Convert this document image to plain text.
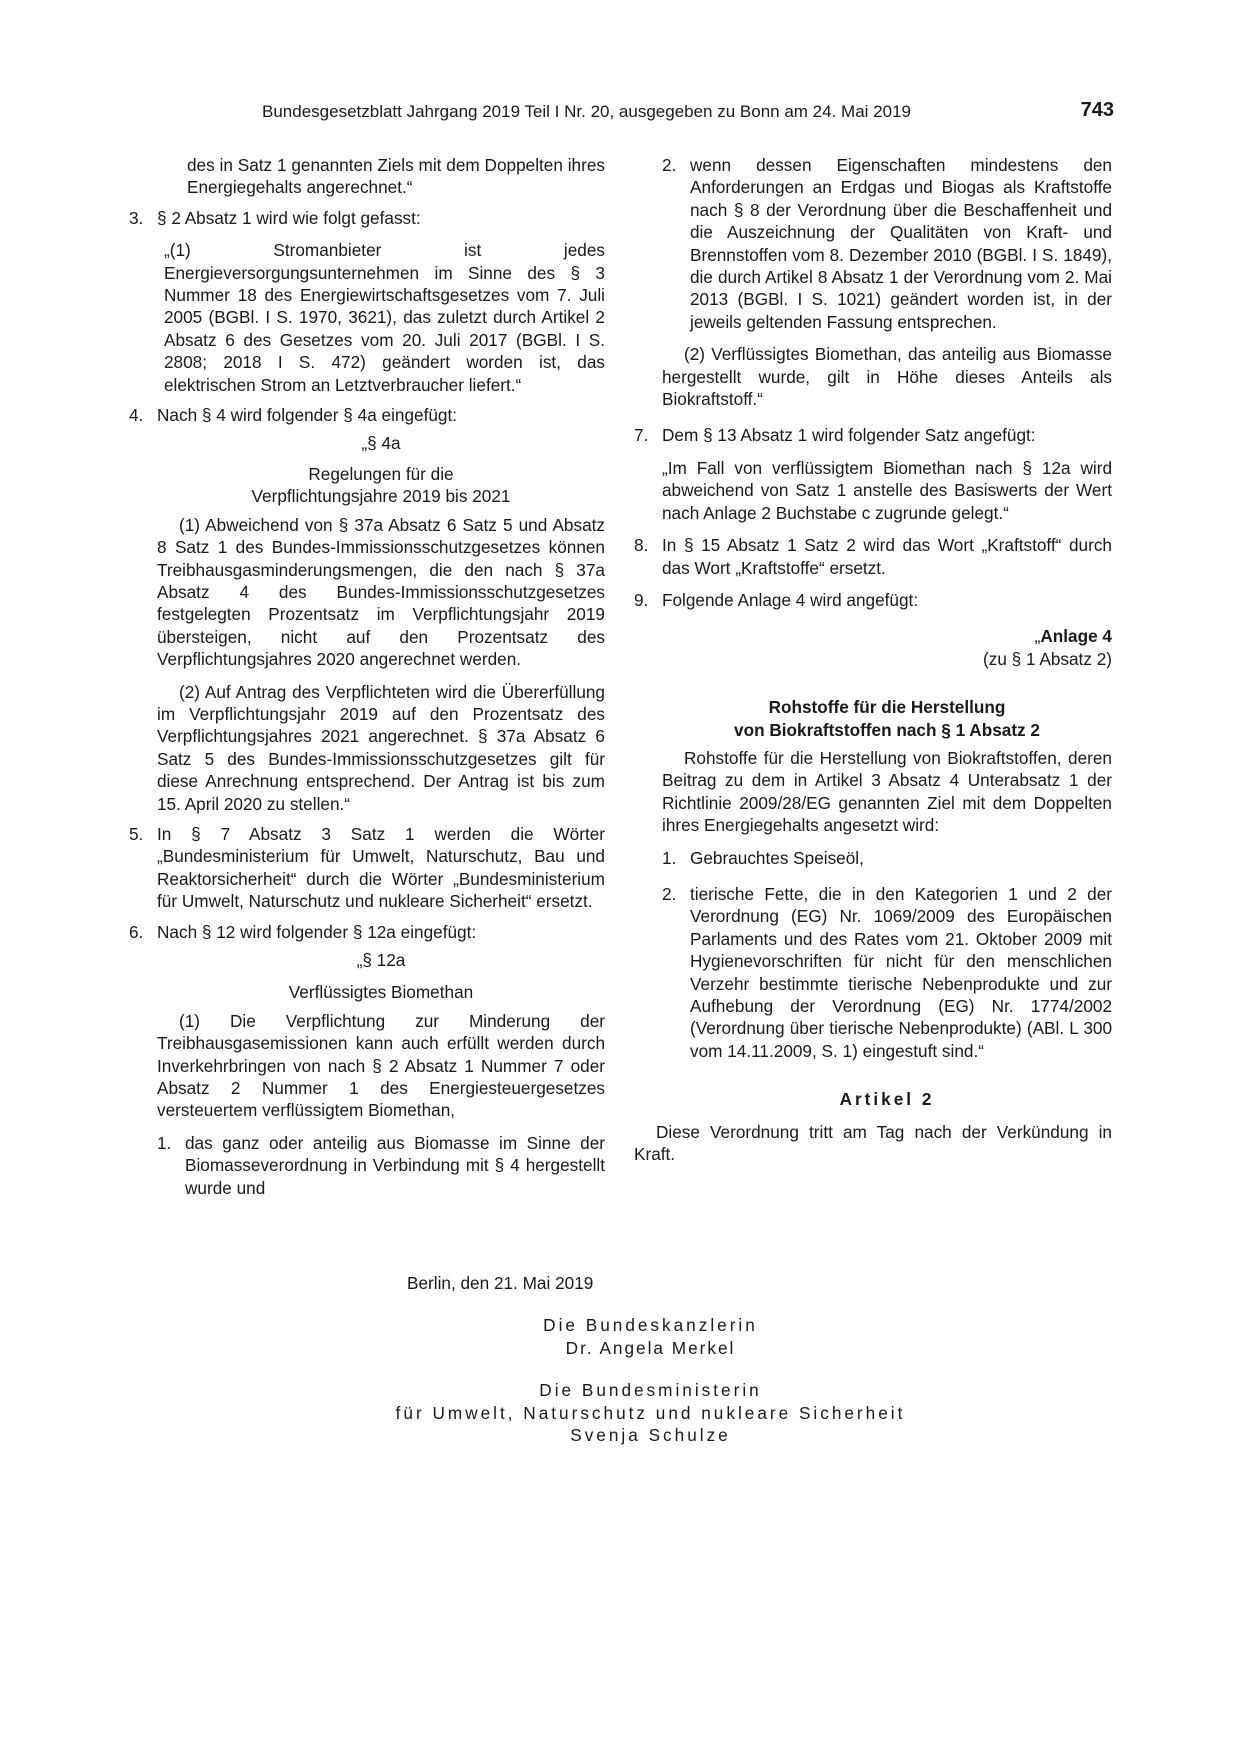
Bundesgesetzblatt Jahrgang 2019 Teil I Nr. 20, ausgegeben zu Bonn am 24. Mai 2019	743

des in Satz 1 genannten Ziels mit dem Doppelten ihres Energiegehalts angerechnet.“

3. § 2 Absatz 1 wird wie folgt gefasst:

„(1) Stromanbieter ist jedes Energieversorgungsunternehmen im Sinne des § 3 Nummer 18 des Energiewirtschaftsgesetzes vom 7. Juli 2005 (BGBl. I S. 1970, 3621), das zuletzt durch Artikel 2 Absatz 6 des Gesetzes vom 20. Juli 2017 (BGBl. I S. 2808; 2018 I S. 472) geändert worden ist, das elektrischen Strom an Letztverbraucher liefert.“

4. Nach § 4 wird folgender § 4a eingefügt:

„§ 4a

Regelungen für die

Verpflichtungsjahre 2019 bis 2021

(1) Abweichend von § 37a Absatz 6 Satz 5 und Absatz 8 Satz 1 des Bundes-Immissionsschutzgesetzes können Treibhausgasminderungsmengen, die den nach § 37a Absatz 4 des Bundes-Immissionsschutzgesetzes festgelegten Prozentsatz im Verpflichtungsjahr 2019 übersteigen, nicht auf den Prozentsatz des Verpflichtungsjahres 2020 angerechnet werden.

(2) Auf Antrag des Verpflichteten wird die Übererfüllung im Verpflichtungsjahr 2019 auf den Prozentsatz des Verpflichtungsjahres 2021 angerechnet. § 37a Absatz 6 Satz 5 des Bundes-Immissionsschutzgesetzes gilt für diese Anrechnung entsprechend. Der Antrag ist bis zum 15. April 2020 zu stellen.“

5. In § 7 Absatz 3 Satz 1 werden die Wörter „Bundesministerium für Umwelt, Naturschutz, Bau und Reaktorsicherheit“ durch die Wörter „Bundesministerium für Umwelt, Naturschutz und nukleare Sicherheit“ ersetzt.

6. Nach § 12 wird folgender § 12a eingefügt:

„§ 12a

Verflüssigtes Biomethan

(1) Die Verpflichtung zur Minderung der Treibhausgasemissionen kann auch erfüllt werden durch Inverkehrbringen von nach § 2 Absatz 1 Nummer 7 oder Absatz 2 Nummer 1 des Energiesteuergesetzes versteuertem verflüssigtem Biomethan,

1. das ganz oder anteilig aus Biomasse im Sinne der Biomasseverordnung in Verbindung mit § 4 hergestellt wurde und

2. wenn dessen Eigenschaften mindestens den Anforderungen an Erdgas und Biogas als Kraftstoffe nach § 8 der Verordnung über die Beschaffenheit und die Auszeichnung der Qualitäten von Kraft- und Brennstoffen vom 8. Dezember 2010 (BGBl. I S. 1849), die durch Artikel 8 Absatz 1 der Verordnung vom 2. Mai 2013 (BGBl. I S. 1021) geändert worden ist, in der jeweils geltenden Fassung entsprechen.

(2) Verflüssigtes Biomethan, das anteilig aus Biomasse hergestellt wurde, gilt in Höhe dieses Anteils als Biokraftstoff.“

7. Dem § 13 Absatz 1 wird folgender Satz angefügt:

„Im Fall von verflüssigtem Biomethan nach § 12a wird abweichend von Satz 1 anstelle des Basiswerts der Wert nach Anlage 2 Buchstabe c zugrunde gelegt.“

8. In § 15 Absatz 1 Satz 2 wird das Wort „Kraftstoff“ durch das Wort „Kraftstoffe“ ersetzt.

9. Folgende Anlage 4 wird angefügt:

„Anlage 4

(zu § 1 Absatz 2)

Rohstoffe für die Herstellung

von Biokraftstoffen nach § 1 Absatz 2

Rohstoffe für die Herstellung von Biokraftstoffen, deren Beitrag zu dem in Artikel 3 Absatz 4 Unterabsatz 1 der Richtlinie 2009/28/EG genannten Ziel mit dem Doppelten ihres Energiegehalts angesetzt wird:

1. Gebrauchtes Speiseöl,

2. tierische Fette, die in den Kategorien 1 und 2 der Verordnung (EG) Nr. 1069/2009 des Europäischen Parlaments und des Rates vom 21. Oktober 2009 mit Hygienevorschriften für nicht für den menschlichen Verzehr bestimmte tierische Nebenprodukte und zur Aufhebung der Verordnung (EG) Nr. 1774/2002 (Verordnung über tierische Nebenprodukte) (ABl. L 300 vom 14.11.2009, S. 1) eingestuft sind.“

Artikel 2

Diese Verordnung tritt am Tag nach der Verkündung in Kraft.

Berlin, den 21. Mai 2019

Die Bundeskanzlerin

Dr. Angela Merkel

Die Bundesministerin

für Umwelt, Naturschutz und nukleare Sicherheit

Svenja Schulze
